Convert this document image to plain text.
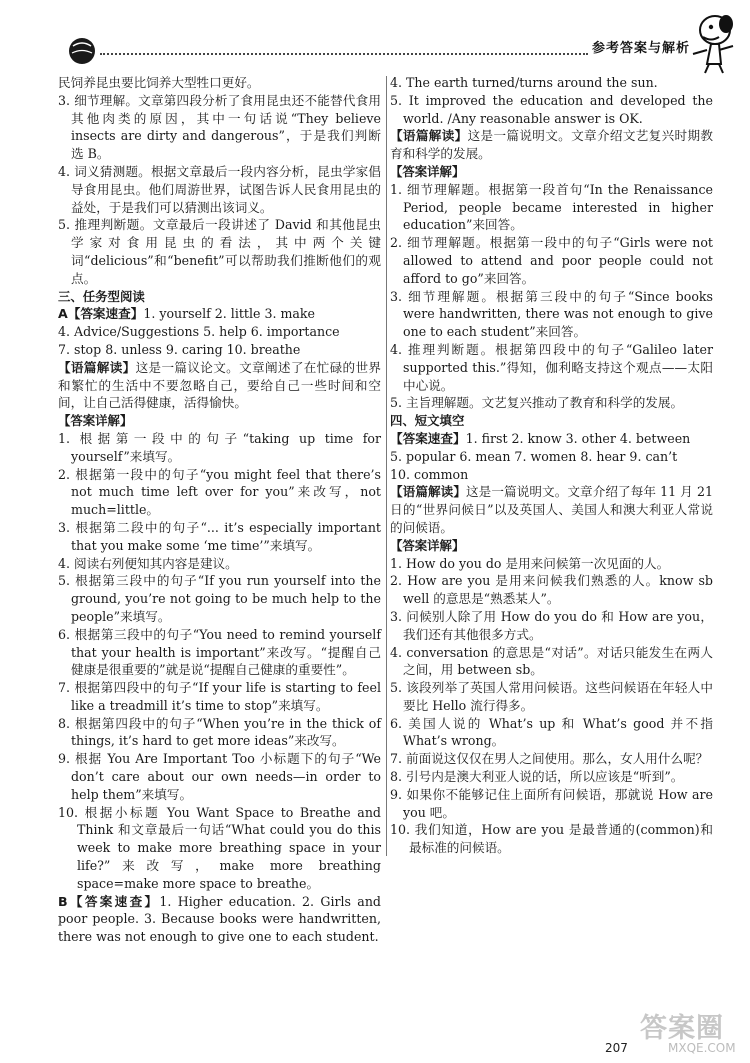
参考答案与解析
民饲养昆虫要比饲养大型牲口更好。
3. 细节理解。文章第四段分析了食用昆虫还不能替代食用其他肉类的原因，其中一句话说“They believe insects are dirty and dangerous”，于是我们判断选 B。
4. 词义猜测题。根据文章最后一段内容分析，昆虫学家倡导食用昆虫。他们周游世界，试图告诉人民食用昆虫的益处，于是我们可以猜测出该词义。
5. 推理判断题。文章最后一段讲述了 David 和其他昆虫学家对食用昆虫的看法，其中两个关键词“delicious”和“benefit”可以帮助我们推断他们的观点。
三、任务型阅读
A【答案速查】1. yourself 2. little 3. make
4. Advice/Suggestions 5. help 6. importance
7. stop 8. unless 9. caring 10. breathe
【语篇解读】这是一篇议论文。文章阐述了在忙碌的世界和繁忙的生活中不要忽略自己，要给自己一些时间和空间，让自己活得健康，活得愉快。
【答案详解】
1. 根据第一段中的句子“taking up time for yourself”来填写。
2. 根据第一段中的句子“you might feel that there’s not much time left over for you”来改写，not much=little。
3. 根据第二段中的句子“... it’s especially important that you make some ‘me time’”来填写。
4. 阅读右列便知其内容是建议。
5. 根据第三段中的句子“If you run yourself into the ground, you’re not going to be much help to the people”来填写。
6. 根据第三段中的句子“You need to remind yourself that your health is important”来改写。“提醒自己健康是很重要的”就是说“提醒自己健康的重要性”。
7. 根据第四段中的句子“If your life is starting to feel like a treadmill it’s time to stop”来填写。
8. 根据第四段中的句子“When you’re in the thick of things, it’s hard to get more ideas”来改写。
9. 根据 You Are Important Too 小标题下的句子“We don’t care about our own needs—in order to help them”来填写。
10. 根据小标题 You Want Space to Breathe and Think 和文章最后一句话“What could you do this week to make more breathing space in your life?”来改写，make more breathing space=make more space to breathe。
B【答案速查】1. Higher education. 2. Girls and poor people. 3. Because books were handwritten, there was not enough to give one to each student.
4. The earth turned/turns around the sun.
5. It improved the education and developed the world. /Any reasonable answer is OK.
【语篇解读】这是一篇说明文。文章介绍文艺复兴时期教育和科学的发展。
【答案详解】
1. 细节理解题。根据第一段首句“In the Renaissance Period, people became interested in higher education”来回答。
2. 细节理解题。根据第一段中的句子“Girls were not allowed to attend and poor people could not afford to go”来回答。
3. 细节理解题。根据第三段中的句子“Since books were handwritten, there was not enough to give one to each student”来回答。
4. 推理判断题。根据第四段中的句子“Galileo later supported this.”得知，伽利略支持这个观点——太阳中心说。
5. 主旨理解题。文艺复兴推动了教育和科学的发展。
四、短文填空
【答案速查】1. first 2. know 3. other 4. between
5. popular 6. mean 7. women 8. hear 9. can’t
10. common
【语篇解读】这是一篇说明文。文章介绍了每年 11 月 21 日的“世界问候日”以及英国人、美国人和澳大利亚人常说的问候语。
【答案详解】
1. How do you do 是用来问候第一次见面的人。
2. How are you 是用来问候我们熟悉的人。know sb well 的意思是“熟悉某人”。
3. 问候别人除了用 How do you do 和 How are you，我们还有其他很多方式。
4. conversation 的意思是“对话”。对话只能发生在两人之间，用 between sb。
5. 该段列举了英国人常用问候语。这些问候语在年轻人中要比 Hello 流行得多。
6. 美国人说的 What’s up 和 What’s good 并不指 What’s wrong。
7. 前面说这仅仅在男人之间使用。那么，女人用什么呢？
8. 引号内是澳大利亚人说的话，所以应该是“听到”。
9. 如果你不能够记住上面所有问候语，那就说 How are you 吧。
10. 我们知道，How are you 是最普通的(common)和最标准的问候语。
207
答案圈
MXQE.COM
